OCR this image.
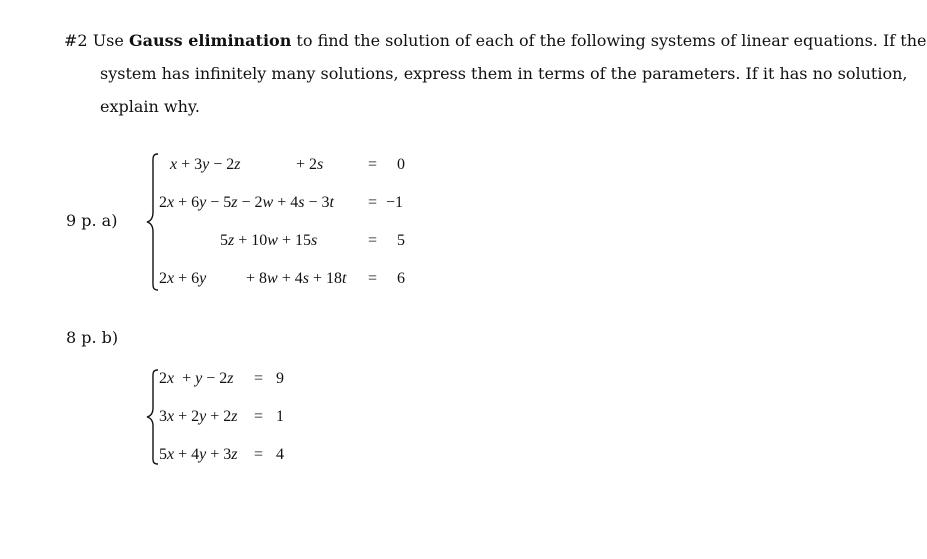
#2 Use Gauss elimination to find the solution of each of the following systems of linear equations. If the
system has infinitely many solutions, express them in terms of the parameters. If it has no solution,
explain why.
9 p. a)
x + 3y − 2z	+ 2s	= 0
2x + 6y − 5z − 2w + 4s − 3t = −1
5z + 10w + 15s	= 5
2x + 6y + 8w + 4s + 18t = 6
8 p. b)
2x  + y − 2z = 9
3x + 2y + 2z = 1
5x + 4y + 3z = 4
